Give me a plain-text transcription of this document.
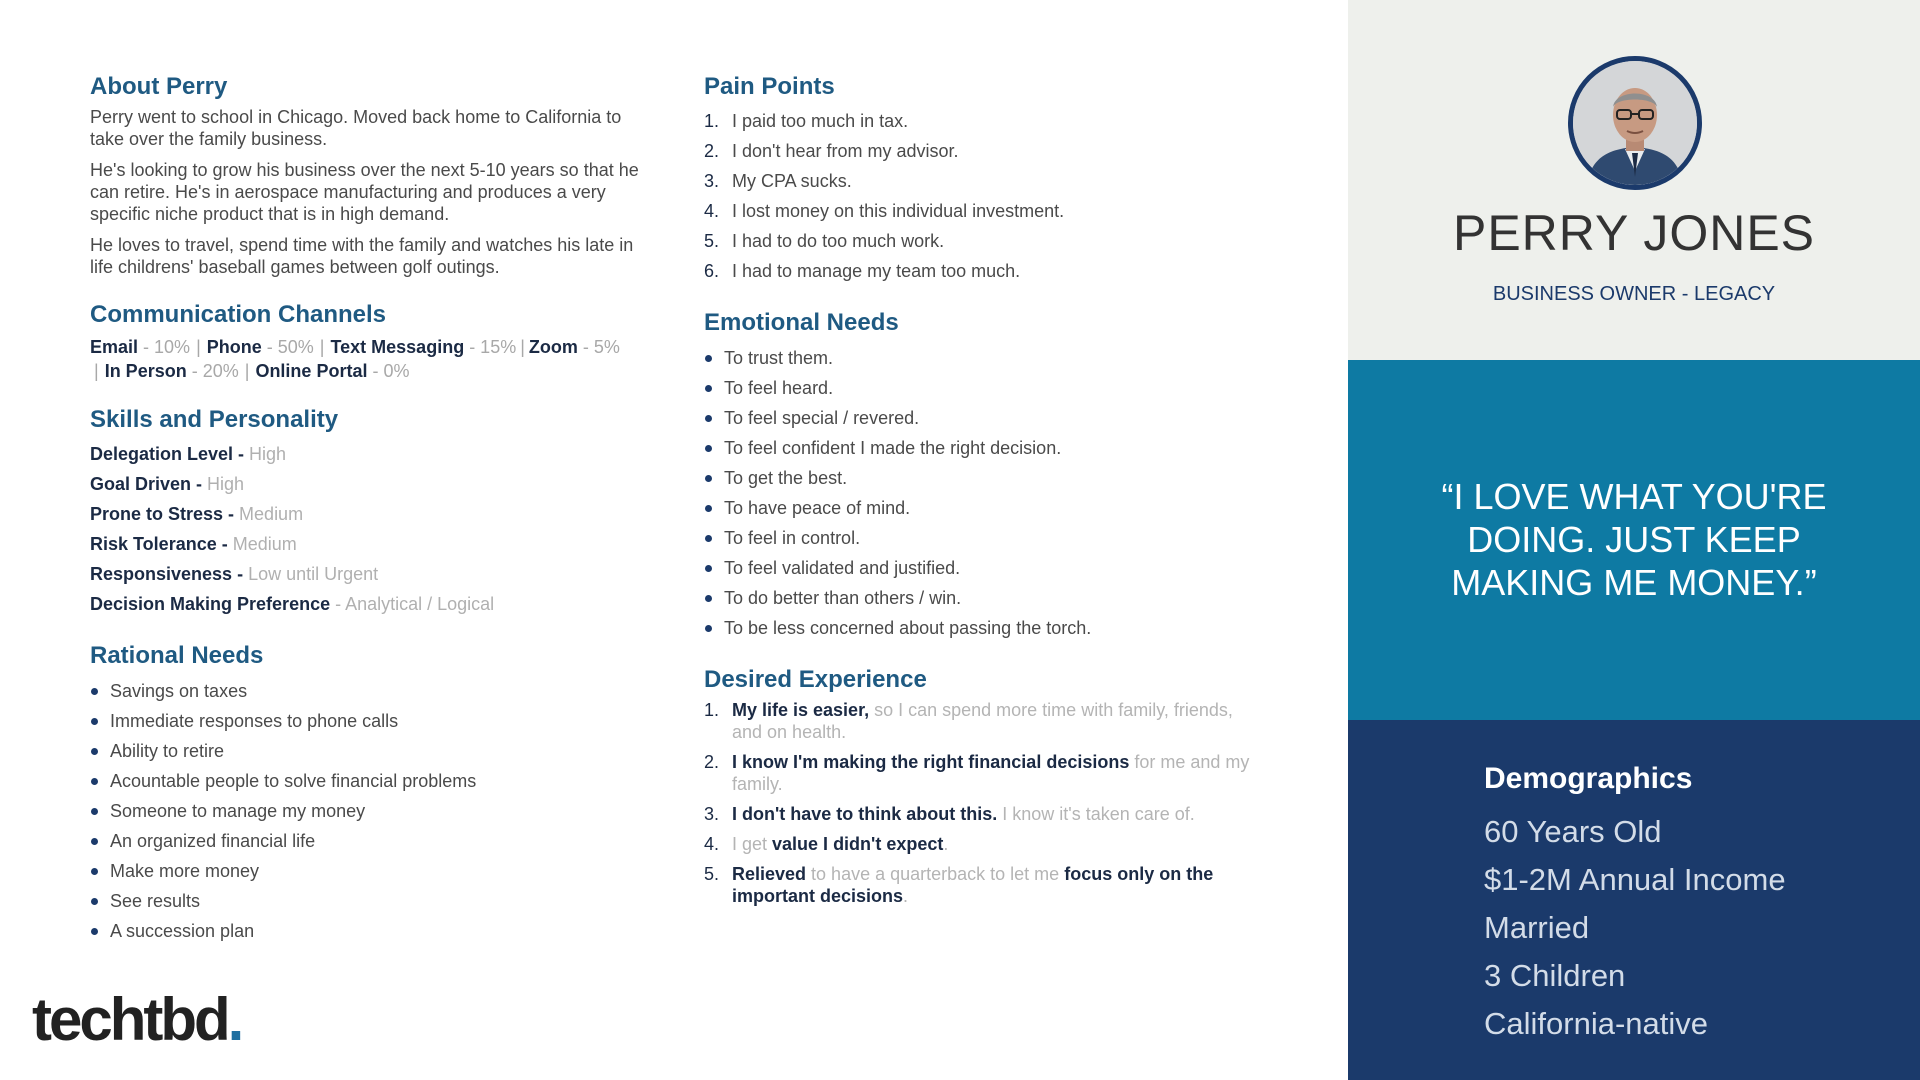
About Perry

Perry went to school in Chicago. Moved back home to California to take over the family business.

He's looking to grow his business over the next 5-10 years so that he can retire. He's in aerospace manufacturing and produces a very specific niche product that is in high demand.

He loves to travel, spend time with the family and watches his late in life childrens' baseball games between golf outings.

Communication Channels
Email - 10% | Phone - 50% | Text Messaging - 15% | Zoom - 5%
| In Person - 20% | Online Portal - 0%
Skills and Personality
Delegation Level - High
Goal Driven - High
Prone to Stress - Medium
Risk Tolerance - Medium
Responsiveness - Low until Urgent
Decision Making Preference - Analytical / Logical
Rational Needs
Savings on taxes
Immediate responses to phone calls
Ability to retire
Acountable people to solve financial problems
Someone to manage my money
An organized financial life
Make more money
See results
A succession plan
Pain Points
1. I paid too much in tax.
2. I don't hear from my advisor.
3. My CPA sucks.
4. I lost money on this individual investment.
5. I had to do too much work.
6. I had to manage my team too much.
Emotional Needs
To trust them.
To feel heard.
To feel special / revered.
To feel confident I made the right decision.
To get the best.
To have peace of mind.
To feel in control.
To feel validated and justified.
To do better than others / win.
To be less concerned about passing the torch.
Desired Experience
1. My life is easier, so I can spend more time with family, friends, and on health.
2. I know I'm making the right financial decisions for me and my family.
3. I don't have to think about this. I know it's taken care of.
4. I get value I didn't expect.
5. Relieved to have a quarterback to let me focus only on the important decisions.
techtbd.
PERRY JONES
BUSINESS OWNER - LEGACY
“I LOVE WHAT YOU'RE DOING. JUST KEEP MAKING ME MONEY.”
Demographics
60 Years Old
$1-2M Annual Income
Married
3 Children
California-native
